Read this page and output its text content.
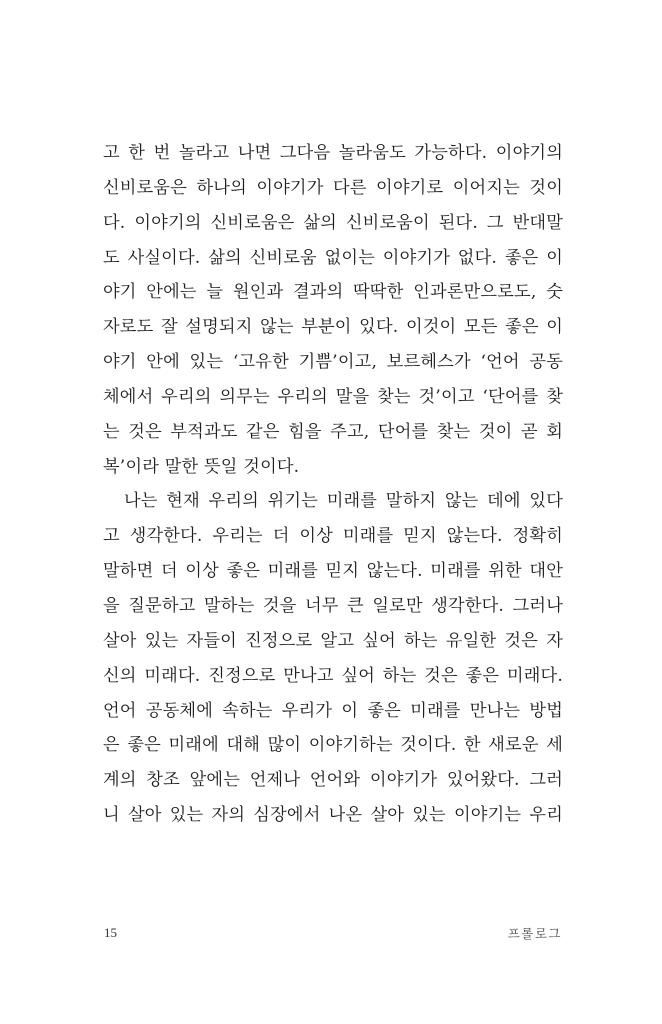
고 한 번 놀라고 나면 그다음 놀라움도 가능하다. 이야기의
신비로움은 하나의 이야기가 다른 이야기로 이어지는 것이
다. 이야기의 신비로움은 삶의 신비로움이 된다. 그 반대말
도 사실이다. 삶의 신비로움 없이는 이야기가 없다. 좋은 이
야기 안에는 늘 원인과 결과의 딱딱한 인과론만으로도, 숫
자로도 잘 설명되지 않는 부분이 있다. 이것이 모든 좋은 이
야기 안에 있는 ‘고유한 기쁨’이고, 보르헤스가 ‘언어 공동
체에서 우리의 의무는 우리의 말을 찾는 것’이고 ‘단어를 찾
는 것은 부적과도 같은 힘을 주고, 단어를 찾는 것이 곧 회
복’이라 말한 뜻일 것이다.
나는 현재 우리의 위기는 미래를 말하지 않는 데에 있다
고 생각한다. 우리는 더 이상 미래를 믿지 않는다. 정확히
말하면 더 이상 좋은 미래를 믿지 않는다. 미래를 위한 대안
을 질문하고 말하는 것을 너무 큰 일로만 생각한다. 그러나
살아 있는 자들이 진정으로 알고 싶어 하는 유일한 것은 자
신의 미래다. 진정으로 만나고 싶어 하는 것은 좋은 미래다.
언어 공동체에 속하는 우리가 이 좋은 미래를 만나는 방법
은 좋은 미래에 대해 많이 이야기하는 것이다. 한 새로운 세
계의 창조 앞에는 언제나 언어와 이야기가 있어왔다. 그러
니 살아 있는 자의 심장에서 나온 살아 있는 이야기는 우리
15	프롤로그
